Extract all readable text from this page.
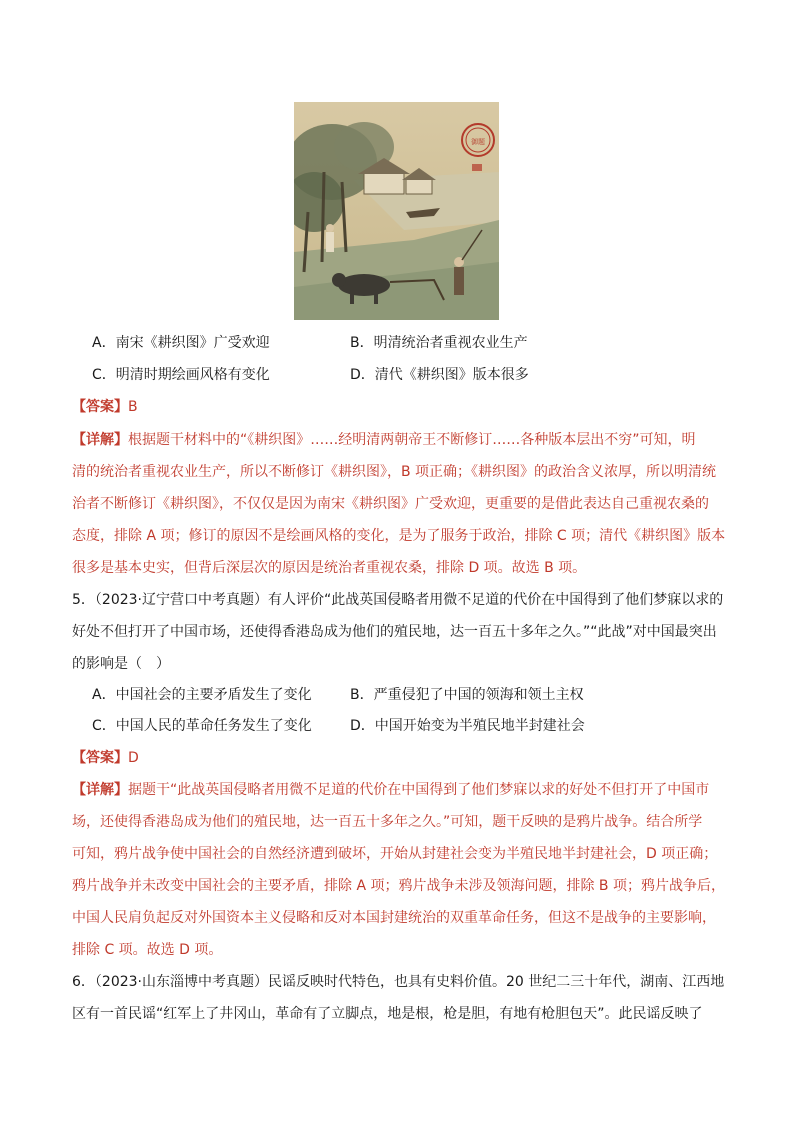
御题
A．南宋《耕织图》广受欢迎	B．明清统治者重视农业生产
C．明清时期绘画风格有变化	D．清代《耕织图》版本很多
【答案】B
【详解】根据题干材料中的“《耕织图》……经明清两朝帝王不断修订……各种版本层出不穷”可知，明
清的统治者重视农业生产，所以不断修订《耕织图》，B 项正确；《耕织图》的政治含义浓厚，所以明清统
治者不断修订《耕织图》，不仅仅是因为南宋《耕织图》广受欢迎，更重要的是借此表达自己重视农桑的
态度，排除 A 项；修订的原因不是绘画风格的变化，是为了服务于政治，排除 C 项；清代《耕织图》版本
很多是基本史实，但背后深层次的原因是统治者重视农桑，排除 D 项。故选 B 项。
5．（2023·辽宁营口中考真题）有人评价“此战英国侵略者用微不足道的代价在中国得到了他们梦寐以求的
好处不但打开了中国市场，还使得香港岛成为他们的殖民地，达一百五十多年之久。”“此战”对中国最突出
的影响是（　）
A．中国社会的主要矛盾发生了变化	B．严重侵犯了中国的领海和领土主权
C．中国人民的革命任务发生了变化	D．中国开始变为半殖民地半封建社会
【答案】D
【详解】据题干“此战英国侵略者用微不足道的代价在中国得到了他们梦寐以求的好处不但打开了中国市
场，还使得香港岛成为他们的殖民地，达一百五十多年之久。”可知，题干反映的是鸦片战争。结合所学
可知，鸦片战争使中国社会的自然经济遭到破坏，开始从封建社会变为半殖民地半封建社会，D 项正确；
鸦片战争并未改变中国社会的主要矛盾，排除 A 项；鸦片战争未涉及领海问题，排除 B 项；鸦片战争后，
中国人民肩负起反对外国资本主义侵略和反对本国封建统治的双重革命任务，但这不是战争的主要影响，
排除 C 项。故选 D 项。
6．（2023·山东淄博中考真题）民谣反映时代特色，也具有史料价值。20 世纪二三十年代，湖南、江西地
区有一首民谣“红军上了井冈山，革命有了立脚点，地是根，枪是胆，有地有枪胆包天”。此民谣反映了
